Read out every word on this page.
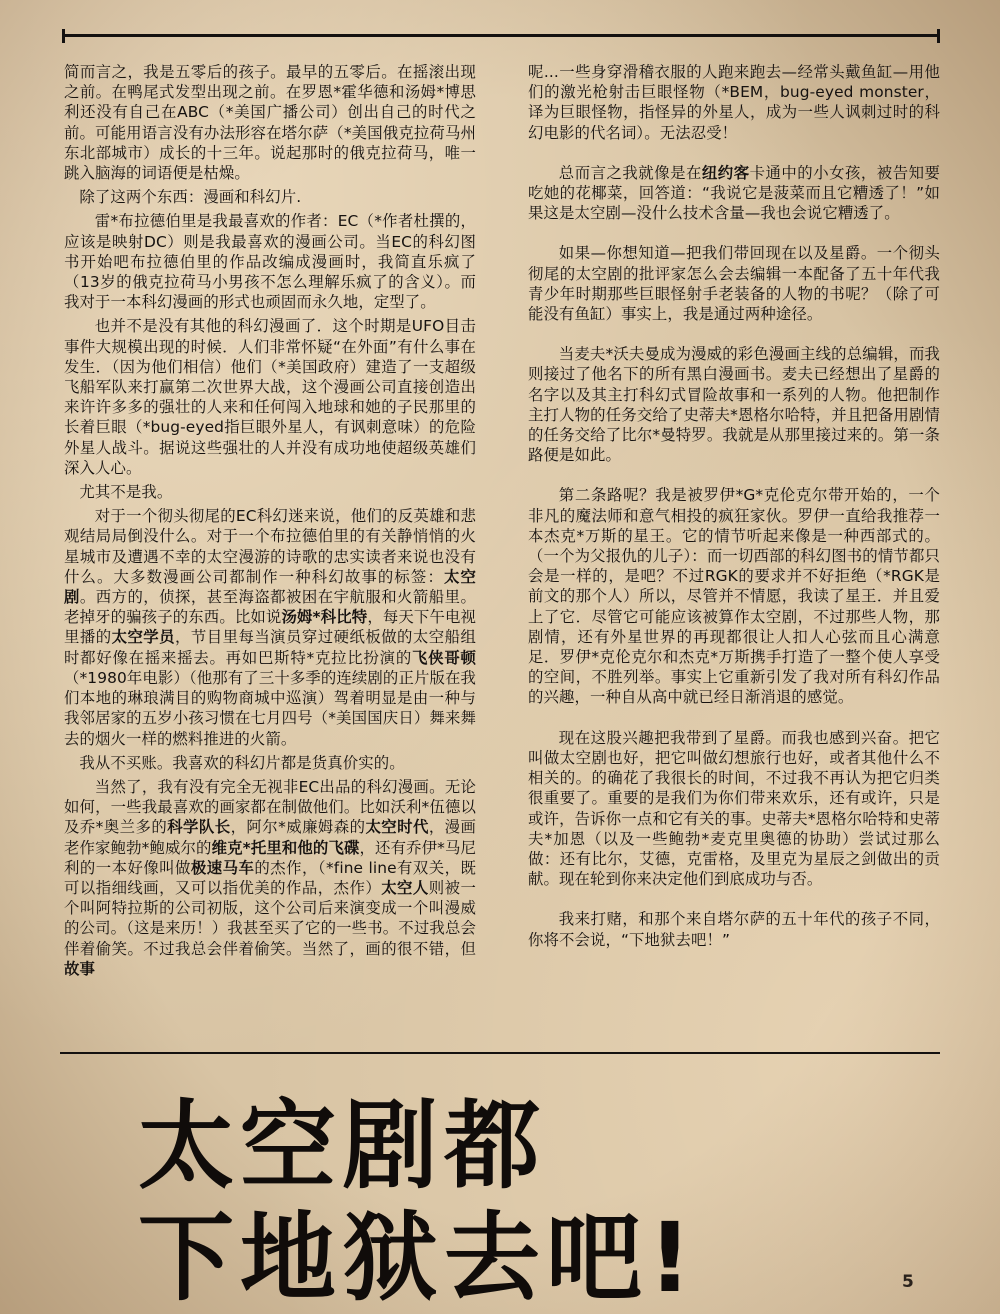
简而言之，我是五零后的孩子。最早的五零后。在摇滚出现之前。在鸭尾式发型出现之前。在罗恩*霍华德和汤姆*博思利还没有自己在ABC（*美国广播公司）创出自己的时代之前。可能用语言没有办法形容在塔尔萨（*美国俄克拉荷马州东北部城市）成长的十三年。说起那时的俄克拉荷马，唯一跳入脑海的词语便是枯燥。

除了这两个东西：漫画和科幻片.

雷*布拉德伯里是我最喜欢的作者：EC（*作者杜撰的，应该是映射DC）则是我最喜欢的漫画公司。当EC的科幻图书开始吧布拉德伯里的作品改编成漫画时，我简直乐疯了（13岁的俄克拉荷马小男孩不怎么理解乐疯了的含义）。而我对于一本科幻漫画的形式也顽固而永久地，定型了。

也并不是没有其他的科幻漫画了．这个时期是UFO目击事件大规模出现的时候．人们非常怀疑“在外面”有什么事在发生．（因为他们相信）他们（*美国政府）建造了一支超级飞船军队来打赢第二次世界大战，这个漫画公司直接创造出来许许多多的强壮的人来和任何闯入地球和她的子民那里的长着巨眼（*bug-eyed指巨眼外星人，有讽刺意味）的危险外星人战斗。据说这些强壮的人并没有成功地使超级英雄们深入人心。

尤其不是我。

对于一个彻头彻尾的EC科幻迷来说，他们的反英雄和悲观结局局倒没什么。对于一个布拉德伯里的有关静悄悄的火星城市及遭遇不幸的太空漫游的诗歌的忠实读者来说也没有什么。大多数漫画公司都制作一种科幻故事的标签：太空剧。西方的，侦探，甚至海盗都被困在宇航服和火箭船里。老掉牙的骗孩子的东西。比如说汤姆*科比特，每天下午电视里播的太空学员，节目里每当演员穿过硬纸板做的太空船组时都好像在摇来摇去。再如巴斯特*克拉比扮演的飞侠哥顿（*1980年电影）（他那有了三十多季的连续剧的正片版在我们本地的琳琅满目的购物商城中巡演）驾着明显是由一种与我邻居家的五岁小孩习惯在七月四号（*美国国庆日）舞来舞去的烟火一样的燃料推进的火箭。

我从不买账。我喜欢的科幻片都是货真价实的。

当然了，我有没有完全无视非EC出品的科幻漫画。无论如何，一些我最喜欢的画家都在制做他们。比如沃利*伍德以及乔*奥兰多的科学队长，阿尔*威廉姆森的太空时代，漫画老作家鲍勃*鲍威尔的维克*托里和他的飞碟，还有乔伊*马尼利的一本好像叫做极速马车的杰作，（*fine line有双关，既可以指细线画，又可以指优美的作品，杰作）太空人则被一个叫阿特拉斯的公司初版，这个公司后来演变成一个叫漫威的公司。（这是来历！）我甚至买了它的一些书。不过我总会伴着偷笑。不过我总会伴着偷笑。当然了，画的很不错，但故事

呢...一些身穿滑稽衣服的人跑来跑去—经常头戴鱼缸—用他们的激光枪射击巨眼怪物（*BEM，bug-eyed monster，译为巨眼怪物，指怪异的外星人，成为一些人讽刺过时的科幻电影的代名词）。无法忍受！

总而言之我就像是在纽约客卡通中的小女孩，被告知要吃她的花椰菜，回答道：“我说它是菠菜而且它糟透了！”如果这是太空剧—没什么技术含量—我也会说它糟透了。

如果—你想知道—把我们带回现在以及星爵。一个彻头彻尾的太空剧的批评家怎么会去编辑一本配备了五十年代我青少年时期那些巨眼怪射手老装备的人物的书呢？（除了可能没有鱼缸）事实上，我是通过两种途径。

当麦夫*沃夫曼成为漫威的彩色漫画主线的总编辑，而我则接过了他名下的所有黑白漫画书。麦夫已经想出了星爵的名字以及其主打科幻式冒险故事和一系列的人物。他把制作主打人物的任务交给了史蒂夫*恩格尔哈特，并且把备用剧情的任务交给了比尔*曼特罗。我就是从那里接过来的。第一条路便是如此。

第二条路呢？我是被罗伊*G*克伦克尔带开始的，一个非凡的魔法师和意气相投的疯狂家伙。罗伊一直给我推荐一本杰克*万斯的星王。它的情节听起来像是一种西部式的。（一个为父报仇的儿子）：而一切西部的科幻图书的情节都只会是一样的，是吧？不过RGK的要求并不好拒绝（*RGK是前文的那个人）所以，尽管并不情愿，我读了星王．并且爱上了它．尽管它可能应该被算作太空剧，不过那些人物，那剧情，还有外星世界的再现都很让人扣人心弦而且心满意足．罗伊*克伦克尔和杰克*万斯携手打造了一整个使人享受的空间，不胜列举。事实上它重新引发了我对所有科幻作品的兴趣，一种自从高中就已经日渐消退的感觉。

现在这股兴趣把我带到了星爵。而我也感到兴奋。把它叫做太空剧也好，把它叫做幻想旅行也好，或者其他什么不相关的。的确花了我很长的时间，不过我不再认为把它归类很重要了。重要的是我们为你们带来欢乐，还有或许，只是或许，告诉你一点和它有关的事。史蒂夫*恩格尔哈特和史蒂夫*加恩（以及一些鲍勃*麦克里奥德的协助）尝试过那么做：还有比尔，艾德，克雷格，及里克为星辰之剑做出的贡献。现在轮到你来决定他们到底成功与否。

我来打赌，和那个来自塔尔萨的五十年代的孩子不同，你将不会说，“下地狱去吧！”

太空剧都
下地狱去吧!	5
